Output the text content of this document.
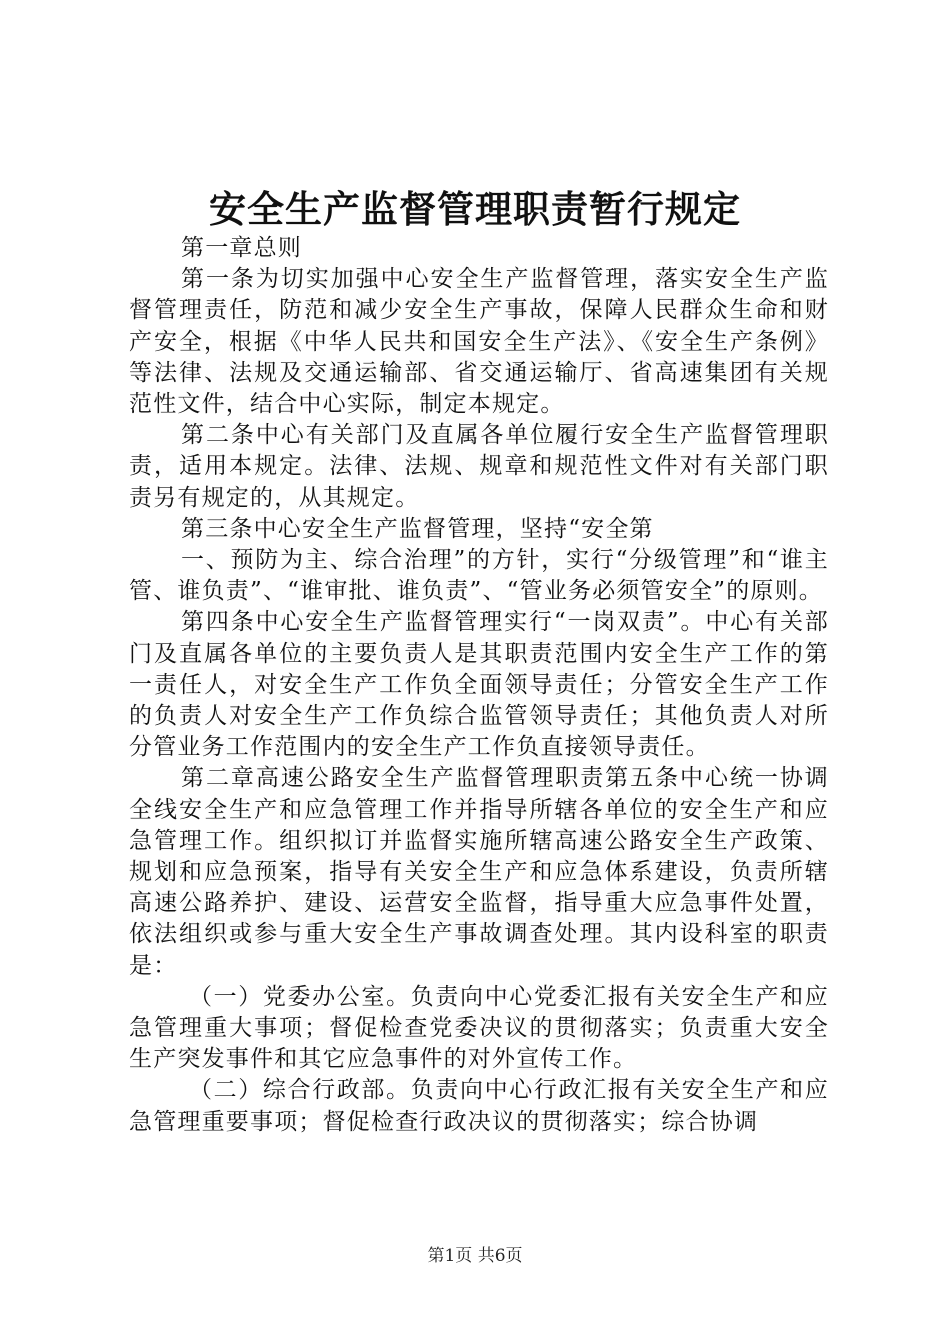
安全生产监督管理职责暂行规定

第一章总则

第一条为切实加强中心安全生产监督管理，落实安全生产监督管理责任，防范和减少安全生产事故，保障人民群众生命和财产安全，根据《中华人民共和国安全生产法》、《安全生产条例》等法律、法规及交通运输部、省交通运输厅、省高速集团有关规范性文件，结合中心实际，制定本规定。

第二条中心有关部门及直属各单位履行安全生产监督管理职责，适用本规定。法律、法规、规章和规范性文件对有关部门职责另有规定的，从其规定。

第三条中心安全生产监督管理，坚持“安全第

一、预防为主、综合治理”的方针，实行“分级管理”和“谁主管、谁负责”、“谁审批、谁负责”、“管业务必须管安全”的原则。

第四条中心安全生产监督管理实行“一岗双责”。中心有关部门及直属各单位的主要负责人是其职责范围内安全生产工作的第一责任人，对安全生产工作负全面领导责任；分管安全生产工作的负责人对安全生产工作负综合监管领导责任；其他负责人对所分管业务工作范围内的安全生产工作负直接领导责任。

第二章高速公路安全生产监督管理职责第五条中心统一协调全线安全生产和应急管理工作并指导所辖各单位的安全生产和应急管理工作。组织拟订并监督实施所辖高速公路安全生产政策、规划和应急预案，指导有关安全生产和应急体系建设，负责所辖高速公路养护、建设、运营安全监督，指导重大应急事件处置，依法组织或参与重大安全生产事故调查处理。其内设科室的职责是：

（一）党委办公室。负责向中心党委汇报有关安全生产和应急管理重大事项；督促检查党委决议的贯彻落实；负责重大安全生产突发事件和其它应急事件的对外宣传工作。

（二）综合行政部。负责向中心行政汇报有关安全生产和应急管理重要事项；督促检查行政决议的贯彻落实；综合协调

第1页 共6页
